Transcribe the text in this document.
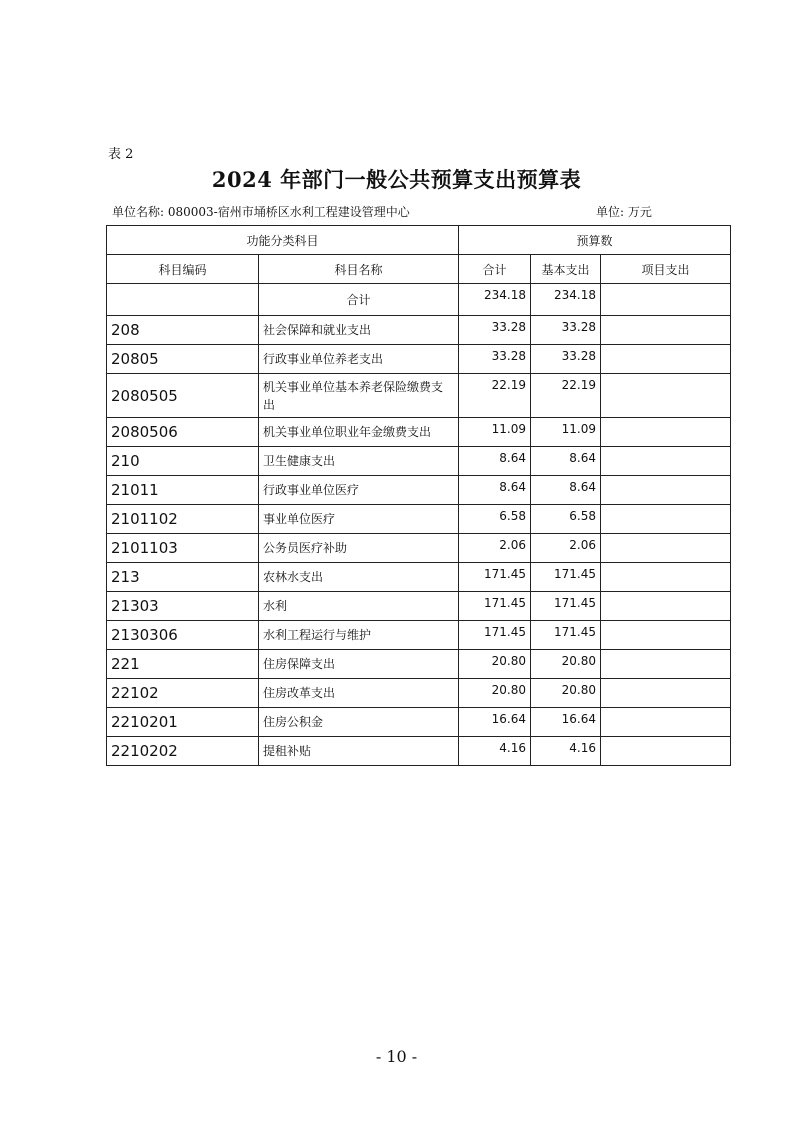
表 2
2024 年部门一般公共预算支出预算表
单位名称: 080003-宿州市埇桥区水利工程建设管理中心	单位: 万元
功能分类科目		预算数		
科目编码	科目名称	合计	基本支出	项目支出
	合计	234.18	234.18	
208	社会保障和就业支出	33.28	33.28	
20805	行政事业单位养老支出	33.28	33.28	
2080505	机关事业单位基本养老保险缴费支出	22.19	22.19	
2080506	机关事业单位职业年金缴费支出	11.09	11.09	
210	卫生健康支出	8.64	8.64	
21011	行政事业单位医疗	8.64	8.64	
2101102	事业单位医疗	6.58	6.58	
2101103	公务员医疗补助	2.06	2.06	
213	农林水支出	171.45	171.45	
21303	水利	171.45	171.45	
2130306	水利工程运行与维护	171.45	171.45	
221	住房保障支出	20.80	20.80	
22102	住房改革支出	20.80	20.80	
2210201	住房公积金	16.64	16.64	
2210202	提租补贴	4.16	4.16	
- 10 -
